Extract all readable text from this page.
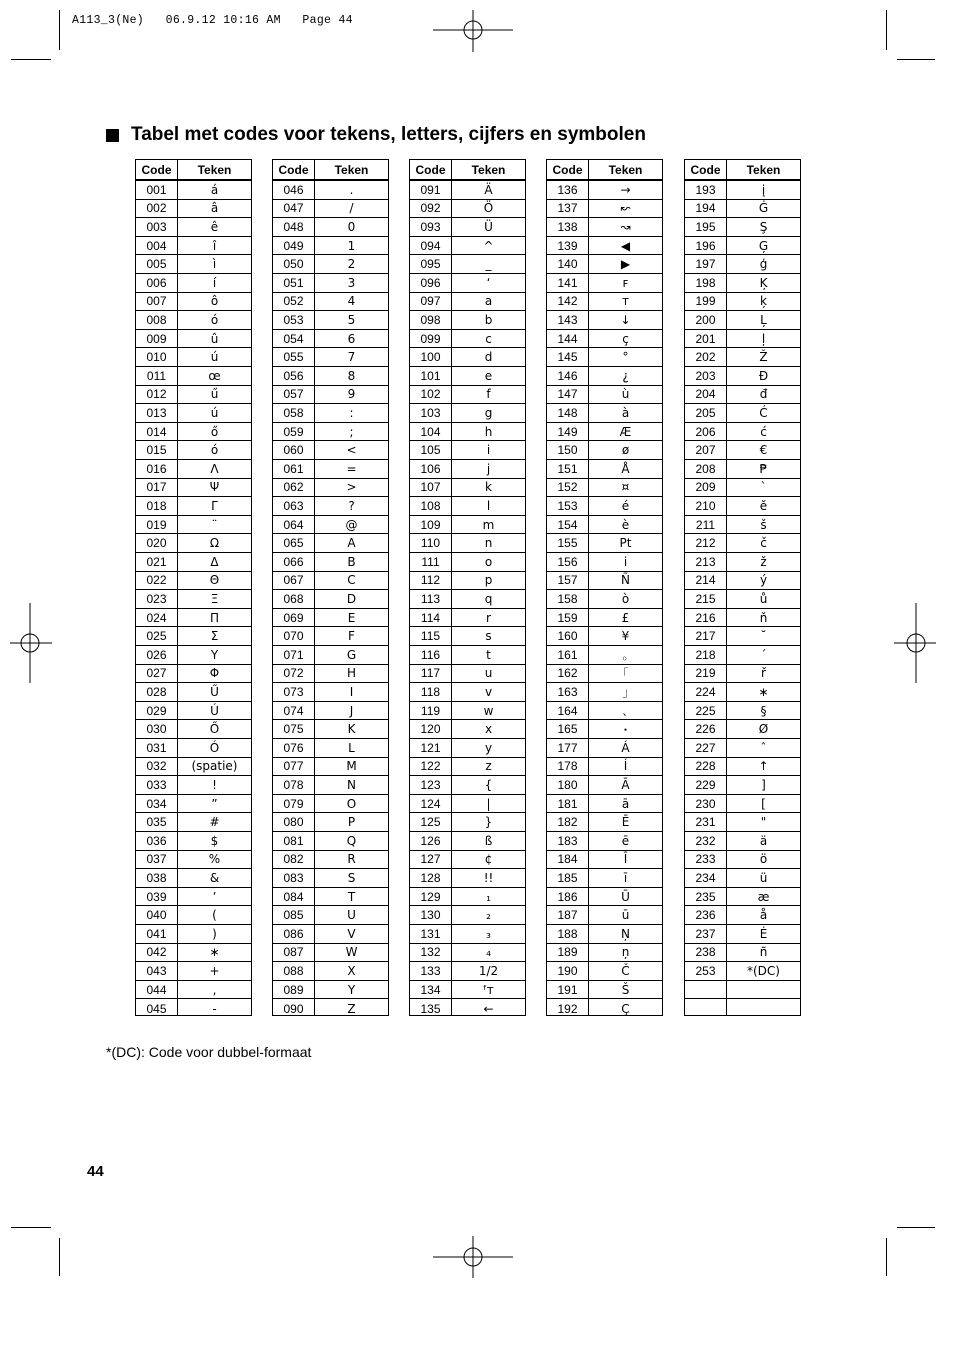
A113_3(Ne)   06.9.12 10:16 AM   Page 44
Tabel met codes voor tekens, letters, cijfers en symbolen
Code	Teken
001	á
002	â
003	ê
004	î
005	ì
006	í
007	ô
008	ó
009	û
010	ú
011	œ
012	ű
013	ú
014	ő
015	ó
016	Λ
017	Ψ
018	Γ
019	¨
020	Ω
021	Δ
022	Θ
023	Ξ
024	Π
025	Σ
026	Υ
027	Φ
028	Ű
029	Ú
030	Ő
031	Ó
032	(spatie)
033	!
034	”
035	#
036	$
037	%
038	&
039	’
040	(
041	)
042	∗
043	+
044	,
045	-
Code	Teken
046	.
047	/
048	0
049	1
050	2
051	3
052	4
053	5
054	6
055	7
056	8
057	9
058	:
059	;
060	<
061	=
062	>
063	?
064	@
065	A
066	B
067	C
068	D
069	E
070	F
071	G
072	H
073	I
074	J
075	K
076	L
077	M
078	N
079	O
080	P
081	Q
082	R
083	S
084	T
085	U
086	V
087	W
088	X
089	Y
090	Z
Code	Teken
091	Ä
092	Ö
093	Ü
094	^
095	_
096	‘
097	a
098	b
099	c
100	d
101	e
102	f
103	g
104	h
105	i
106	j
107	k
108	l
109	m
110	n
111	o
112	p
113	q
114	r
115	s
116	t
117	u
118	v
119	w
120	x
121	y
122	z
123	{
124	|
125	}
126	ß
127	¢
128	!!
129	₁
130	₂
131	₃
132	₄
133	1/2
134	ᶠᴛ
135	←
Code	Teken
136	→
137	↜
138	↝
139	◀
140	▶
141	ꜰ
142	ᴛ
143	↓
144	ç
145	°
146	¿
147	ù
148	à
149	Æ
150	ø
151	Å
152	¤
153	é
154	è
155	Pt
156	i
157	Ñ
158	ò
159	£
160	¥
161	｡
162	｢
163	｣
164	､
165	･
177	Á
178	Í
180	Ā
181	ā
182	Ē
183	ē
184	Ī
185	ī
186	Ū
187	ū
188	Ņ
189	ņ
190	Č
191	Š
192	Ç
Code	Teken
193	į
194	Ġ
195	Ş
196	Ģ
197	ģ
198	Ķ
199	ķ
200	Ļ
201	ļ
202	Ž
203	Đ
204	đ
205	Ć
206	ć
207	€
208	₱
209	`
210	ĕ
211	š
212	č
213	ž
214	ý
215	ů
216	ň
217	˘
218	´
219	ř
224	∗
225	§
226	Ø
227	ˆ
228	↑
229	]
230	[
231	"
232	ä
233	ö
234	ü
235	æ
236	å
237	Ė
238	ñ
253	*(DC)
*(DC): Code voor dubbel-formaat
44
